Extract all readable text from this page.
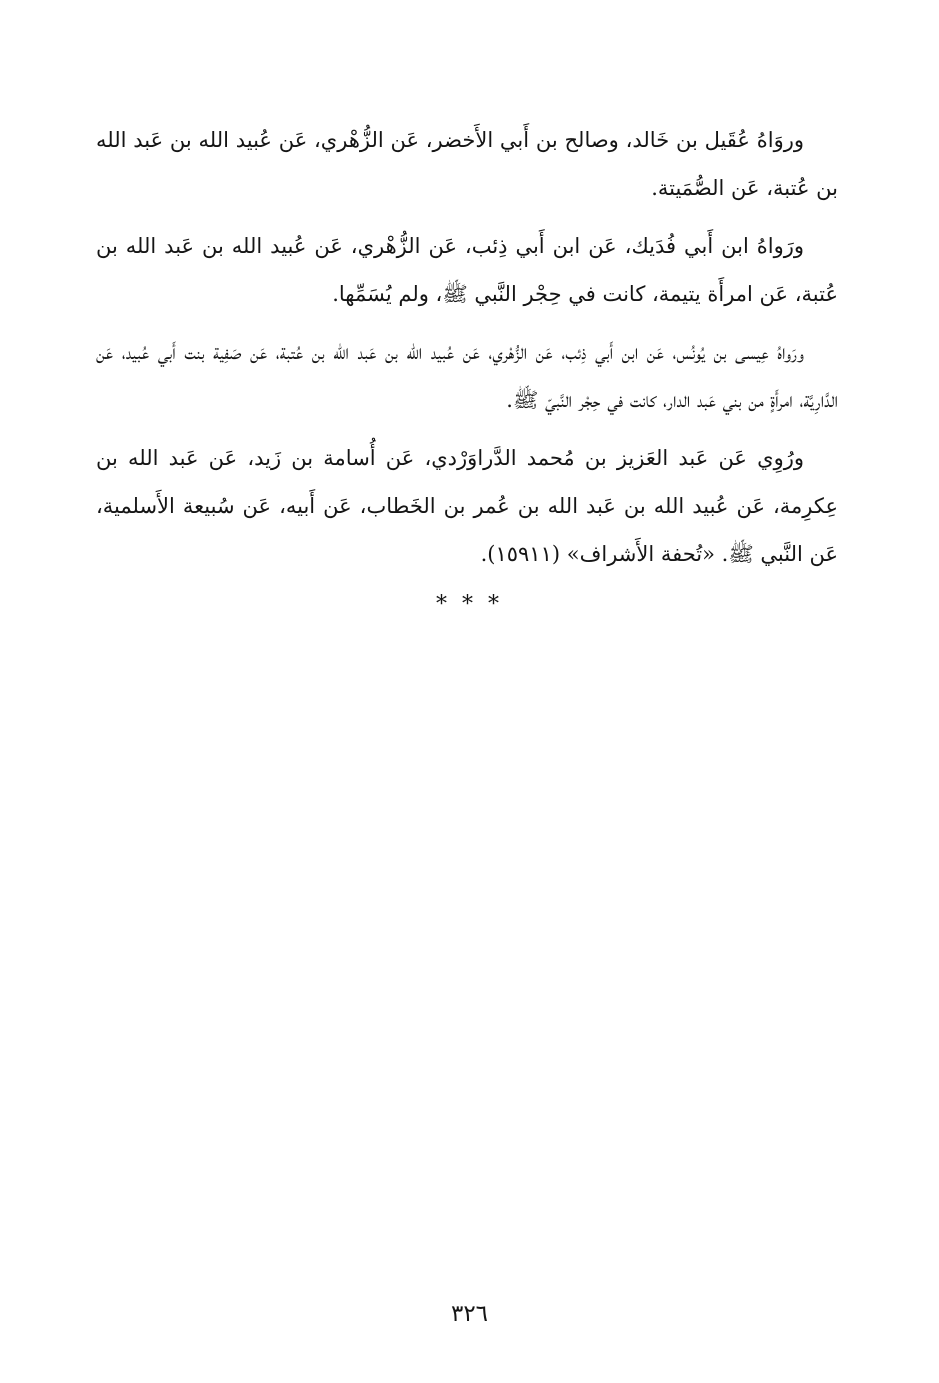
وروَاهُ عُقَيل بن خَالد، وصالح بن أَبي الأَخضر، عَن الزُّهْري، عَن عُبيد الله بن عَبد الله بن عُتبة، عَن الصُّمَيتة.

ورَواهُ ابن أَبي فُدَيك، عَن ابن أَبي ذِئب، عَن الزُّهْري، عَن عُبيد الله بن عَبد الله بن عُتبة، عَن امرأَة يتيمة، كانت في حِجْر النَّبي ﷺ، ولم يُسَمِّها.

ورَواهُ عِيسى بن يُونُس، عَن ابن أَبي ذِئب، عَن الزُّهْري، عَن عُبيد الله بن عَبد الله بن عُتبة، عَن صَفِية بنت أَبي عُبيد، عَن الدَّارِيَّة، امرأَةٍ من بني عَبد الدار، كانت في حِجْر النَّبيّ ﷺ.

ورُوِي عَن عَبد العَزيز بن مُحمد الدَّراوَرْدي، عَن أُسامة بن زَيد، عَن عَبد الله بن عِكرِمة، عَن عُبيد الله بن عَبد الله بن عُمر بن الخَطاب، عَن أَبيه، عَن سُبيعة الأَسلمية، عَن النَّبي ﷺ. «تُحفة الأَشراف» (١٥٩١١).

* * *
٣٢٦
